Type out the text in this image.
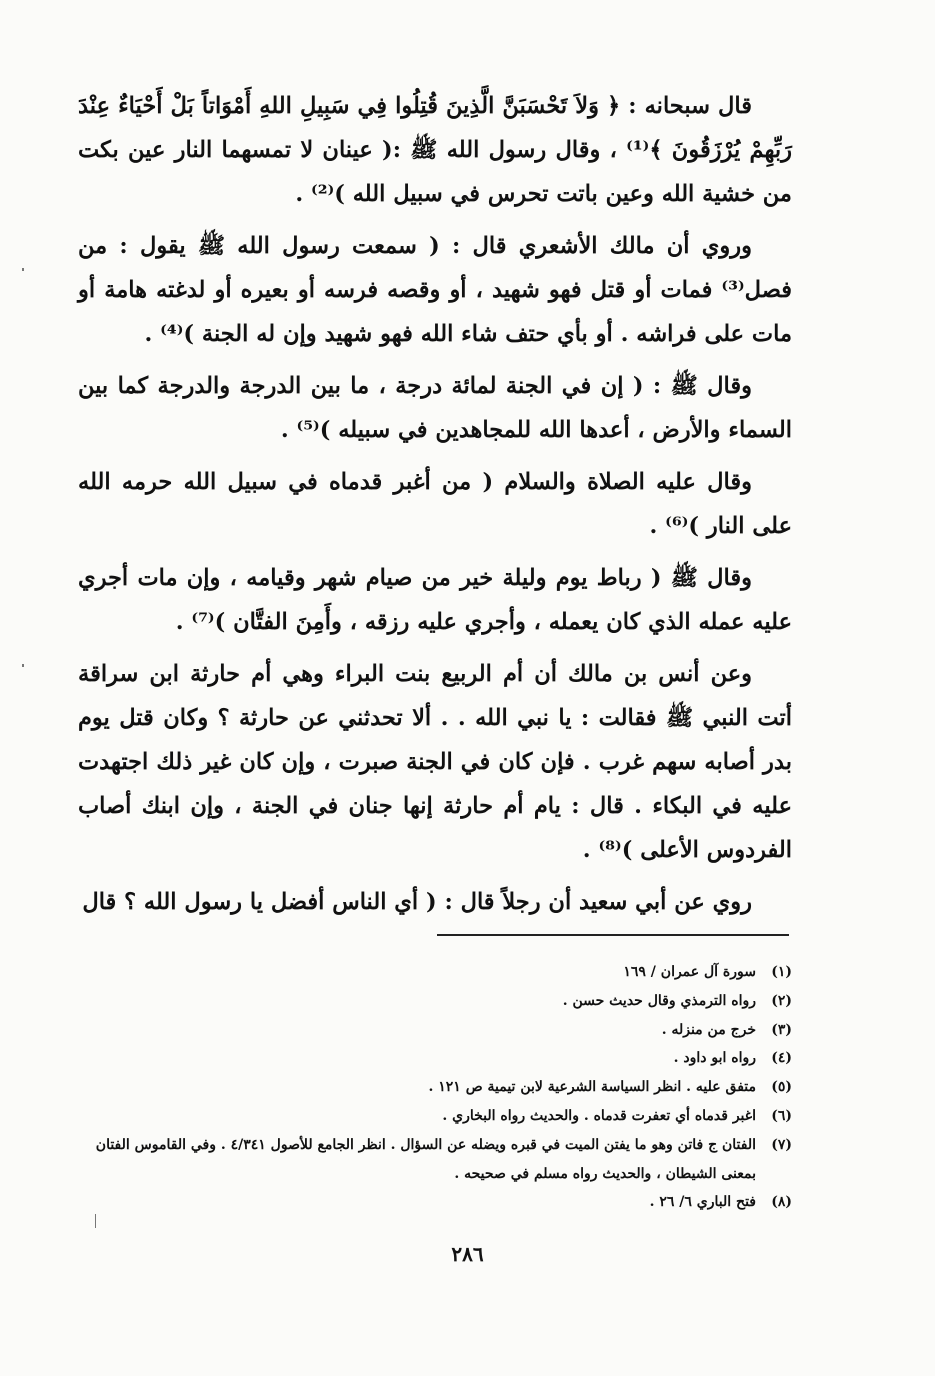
قال سبحانه : ﴿ وَلاَ تَحْسَبَنَّ الَّذِينَ قُتِلُوا فِي سَبِيلِ اللهِ أَمْوَاتاً بَلْ أَحْيَاءٌ عِنْدَ رَبِّهِمْ يُرْزَقُونَ ﴾⁽¹⁾ ، وقال رسول الله ﷺ :( عينان لا تمسهما النار عين بكت من خشية الله وعين باتت تحرس في سبيل الله )⁽²⁾ .

وروي أن مالك الأشعري قال : ( سمعت رسول الله ﷺ يقول : من فصل⁽³⁾ فمات أو قتل فهو شهيد ، أو وقصه فرسه أو بعيره أو لدغته هامة أو مات على فراشه . أو بأي حتف شاء الله فهو شهيد وإن له الجنة )⁽⁴⁾ .

وقال ﷺ : ( إن في الجنة لمائة درجة ، ما بين الدرجة والدرجة كما بين السماء والأرض ، أعدها الله للمجاهدين في سبيله )⁽⁵⁾ .

وقال عليه الصلاة والسلام ( من أغبر قدماه في سبيل الله حرمه الله على النار )⁽⁶⁾ .

وقال ﷺ ( رباط يوم وليلة خير من صيام شهر وقيامه ، وإن مات أجري عليه عمله الذي كان يعمله ، وأجري عليه رزقه ، وأَمِنَ الفتَّان )⁽⁷⁾ .

وعن أنس بن مالك أن أم الربيع بنت البراء وهي أم حارثة ابن سراقة أتت النبي ﷺ فقالت : يا نبي الله . . ألا تحدثني عن حارثة ؟ وكان قتل يوم بدر أصابه سهم غرب . فإن كان في الجنة صبرت ، وإن كان غير ذلك اجتهدت عليه في البكاء . قال : يام أم حارثة إنها جنان في الجنة ، وإن ابنك أصاب الفردوس الأعلى )⁽⁸⁾ .

روي عن أبي سعيد أن رجلاً قال : ( أي الناس أفضل يا رسول الله ؟ قال

(١)
سورة آل عمران / ١٦٩
(٢)
رواه الترمذي وقال حديث حسن .
(٣)
خرج من منزله .
(٤)
رواه ابو داود .
(٥)
متفق عليه . انظر السياسة الشرعية لابن تيمية ص ١٢١ .
(٦)
اغبر قدماه أي تعفرت قدماه . والحديث رواه البخاري .
(٧)
الفتان ج فاتن وهو ما يفتن الميت في قبره ويضله عن السؤال . انظر الجامع للأصول ٤/٣٤١ . وفي القاموس الفتان بمعنى الشيطان ، والحديث رواه مسلم في صحيحه .
(٨)
فتح الباري ٦/ ٢٦ .
٢٨٦
